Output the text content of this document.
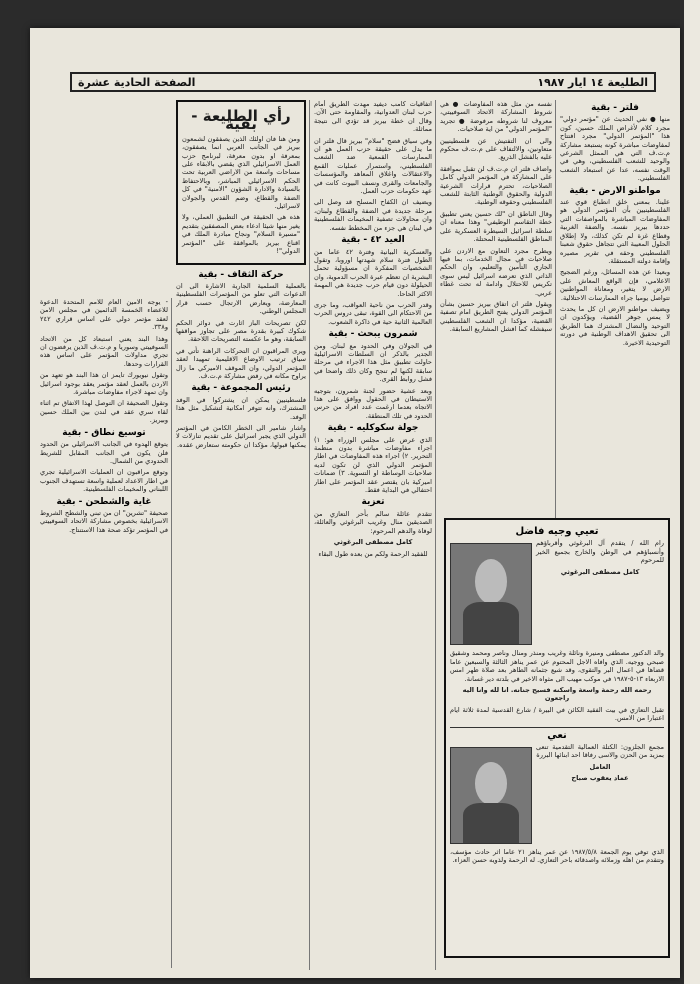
الطليعة ١٤ ايار ١٩٨٧
الصفحة الحادية عشرة
فلتر - بقية

منها ● نفي الحديث عن "مؤتمر دولي" مجرد كلام لأغراض الملك حسين، كون هذا "المؤتمر الدولي" مجرد افتتاح لمفاوضات مباشرة كونه يستبعد مشاركة م.ت.ف التي هي الممثل الشرعي والوحيد للشعب الفلسطيني، وهي في الوقت نفسه، عدا عن استبعاد الشعب الفلسطيني.

مواطنو الارض - بقية

علينا. بمعنى خلق انطباع قوي عند الفلسطينيين بأن المؤتمر الدولي هو المفاوضات المباشرة بالمواصفات التي حددها بيريز نفسه. والضفة الغربية وقطاع غزة لم تكن كذلك، ولا إطلاق الحلول المعيبة التي تتجاهل حقوق شعبنا الفلسطيني وحقه في تقرير مصيره وإقامة دولته المستقلة.

وبعيدا عن هذه المسائل، ورغم الضجيج الاعلامي، فإن الواقع المعاش على الارض لا يتغير، ومعاناة المواطنين تتواصل يوميا جراء الممارسات الاحتلالية.

ويضيف مواطنو الارض ان كل ما يحدث لا يمس جوهر القضية، ويؤكدون ان التوحيد والنضال المشترك هما الطريق الى تحقيق الاهداف الوطنية في دورته التوحيدية الاخيرة.

نفسه من مثل هذه المفاوضات ● هي شروط المشاركة الاتحاد السوفييتي، معروف لنا شروطه مرفوضة ● تجريد "المؤتمر الدولي" من اية صلاحيات.

والى ان التفتيش عن فلسطينيين متعاونين، والالتفاف على م.ت.ف محكوم عليه بالفشل الذريع.

واضاف فلتر ان م.ت.ف لن تقبل بموافقة على المشاركة في المؤتمر الدولي كامل الصلاحيات، تحترم قرارات الشرعية الدولية والحقوق الوطنية الثابتة للشعب الفلسطيني وحقوقه الوطنية.

وقال الناطق ان "لك حسين يعني تطبيق خطة التقاسم الوظيفي" وهذا معناه ان سلطة اسرائيل السيطرة العسكرية على المناطق الفلسطينية المحتلة.

ويطرح مجرد التعاون مع الاردن على صلاحيات في مجال الخدمات، بما فيها الجاري التأمين والتعليم، وان الحكم الذاتي الذي تعرضه اسرائيل ليس سوى تكريس للاحتلال وادامة له تحت غطاء عربي.

ويقول فلتر ان اتفاق بيريز حسين بشأن المؤتمر الدولي يفتح الطريق امام تصفية القضية، مؤكدا ان الشعب الفلسطيني سيفشله كما افشل المشاريع السابقة.

اتفاقيات كامب ديفيد مهدت الطريق أمام حرب لبنان العدوانية، والمقاومة حتى الآن. وقال ان خطة بيريز قد تؤدي الى نتيجة مماثلة.

وفي سياق فضح "سلام" بيريز قال فلتر ان ما يدل على حقيقة حزب العمل هو ان الممارسات القمعية ضد الشعب الفلسطيني، واستمرار عمليات القمع والاعتقالات واغلاق المعاهد والمؤسسات والجامعات والقرى ونسف البيوت كانت في عهد حكومات حزب العمل.

ويضيف ان الكفاح المسلح قد وصل الى مرحلة جديدة في الضفة والقطاع ولبنان، وان محاولات تصفية المخيمات الفلسطينية في لبنان هي جزء من المخطط نفسه.

العيد ٤٢ - بقية

والعسكرية البيانية وفترة ٤٢ عاما من الطول فترة سلام شهدتها اوروبا، وتقول الشخصيات المفكرة ان مسؤولية تحمل البشرية ان تعظم عبرة الحرب الدموية، وان الحيلولة دون قيام حرب جديدة هي المهمة الاكثر الحاحا.

وقدر الحرب من ناحية العواقب، وما جرى من الاحتكام الى القوة، تبقى دروس الحرب العالمية الثانية حية في ذاكرة الشعوب.

شمرون يبحث - بقية

في الجولان وفي الحدود مع لبنان. ومن الجدير بالذكر ان السلطات الاسرائيلية حاولت تطبيق مثل هذا الاجراء في مرحلة سابقة لكنها لم تنجح وكان ذلك واضحا في فشل روابط القرى.

وبعد عشية حضور لجنة شمرون، بتوجيه الاستيطان في الحقول ووافق على هذا الاتجاه بعدما ارغمت عدد افراد من حرس الحدود في تلك المنطقة.

جولة سكوكليه - بقية

الذي عرض على مجلس الوزراء هو: ١) اجراء مفاوضات مباشرة بدون منظمة التحرير. ٢) اجراء هذه المفاوضات في اطار المؤتمر الدولي الذي لن تكون لديه صلاحيات الوساطة او التسوية. ٣) ضمانات اميركية بان يقتصر عقد المؤتمر على اطار احتفالي في البداية فقط.

تعزية

تتقدم عائلة سالم بأحر التعازي من الصديقين منال وغريب البرغوثي والعائلة، لوفاة والدهم المرحوم:

كامل مصطفى البرغوثي

للفقيد الرحمة ولكم من بعده طول البقاء

رأي الطليعة - بقية

ومن هنا فان اولئك الذين يصفقون لشمعون بيريز في الجانب العربي انما يصفقون، بمعرفة او بدون معرفة، لبرنامج حزب العمل الاسرائيلي الذي يقضي بالابقاء على مساحات واسعة من الاراضي العربية تحت الحكم الاسرائيلي المباشر، وبالاحتفاظ بالسيادة والادارة الشؤون "الامنية" في كل الضفة والقطاع، وضم القدس والجولان لاسرائيل.

هذه هي الحقيقة في التطبيق العملي، ولا يغير منها شيئا ادعاء بعض المصفقين بتقديم "مسيرة السلام" ونجاح مبادرة الملك في اقناع بيريز بالموافقة على "المؤتمر الدولي"!

حركة الثقاف - بقية

بالعملية السلمية الجارية الاشارة الى ان الدعوات التي تعلو من المؤتمرات الفلسطينية المعارضة، ويعارض الارتجال حسب قرار المجلس الوطني.

لكن تصريحات الباز اثارت في دوائر الحكم شكوك كبيرة بقدرة مصر على تجاوز مواقفها السابقة، وهو ما عكسته التصريحات اللاحقة.

ويرى المراقبون ان التحركات الراهنة تأتي في سياق ترتيب الاوضاع الاقليمية تمهيدا لعقد المؤتمر الدولي، وان الموقف الاميركي ما زال يراوح مكانه في رفض مشاركة م.ت.ف.

رئيس المجموعة - بقية

فلسطينيين يمكن ان يشتركوا في الوفد المشترك، وانه تتوفر امكانية لتشكيل مثل هذا الوفد.

واشار شامير الى الخطر الكامن في المؤتمر الدولي الذي يجبر اسرائيل على تقديم تنازلات لا يمكنها قبولها، مؤكدا ان حكومته ستعارض عقده.

- يوجه الامين العام للامم المتحدة الدعوة للاعضاء الخمسة الدائمين في مجلس الامن لعقد مؤتمر دولي على اساس قراري ٢٤٢ و٣٣٨.

وهذا البند يعني استبعاد كل من الاتحاد السوفييتي وسوريا و م.ت.ف الذين يرفضون ان تجري مداولات المؤتمر على اساس هذه القرارات وحدها.

وتقول نيويورك تايمز ان هذا البند هو تعهد من الاردن بالعمل لعقد مؤتمر يعقد بوجود اسرائيل وان تمهد لاجراء مفاوضات مباشرة.

وتقول الصحيفة ان التوصل لهذا الاتفاق تم اثناء لقاء سري عقد في لندن بين الملك حسين وبيريز.

توسيع نطاق - بقية

يتوقع الهدوء في الجانب الاسرائيلي من الحدود فلن يكون في الجانب المقابل للشريط الحدودي من الشمال.

وتوقع مراقبون ان العمليات الاسرائيلية تجري في اطار الاعداد لعملية واسعة تستهدف الجنوب اللبناني والمخيمات الفلسطينية.

غاية والشطحن - بقية

صحيفة "تشرين" ان من تبني والشطح الشروط الاسرائيلية بخصوص مشاركة الاتحاد السوفييتي في المؤتمر تؤكد صحة هذا الاستنتاج.	تعيي وجيه فاضل

رام الله / يتقدم آل البرغوثي وأقرباؤهم وأنسباؤهم في الوطن والخارج بجميع الخير للمرحوم

كامل مصطفى البرغوثي

والد الدكتور مصطفى ومنيرة ونائلة وغريب ومنذر ومنال وناصر ومحمد وشقيق صبحي ووجيه. الذي وافاه الاجل المحتوم عن عمر يناهز الثالثة والسبعين عاما قضاها في اعمال البر والتقوى، وقد شيع جثمانه الطاهر بعد صلاة ظهر امس الاربعاء ١٣-٥-١٩٨٧ في موكب مهيب الى مثواه الاخير في بلدته دير غسانة.

رحمه الله رحمة واسعة واسكنه فسيح جنانه. انا لله وانا اليه راجعون

تقبل التعازي في بيت الفقيد الكائن في البيرة / شارع القدسية لمدة ثلاثة ايام اعتبارا من الامس.

نعي

مجمع الجلزون: الكتلة العمالية التقدمية تنعى بمزيد من الحزن والاسى رفاقا احد ابنائها البررة

العامل

عماد يعقوب صباح

الذي توفي يوم الجمعة ١٩٨٧/٥/٨ عن عمر يناهز ٢١ عاما اثر حادث مؤسف، وتتقدم من اهله وزملائه واصدقائه باحر التعازي. له الرحمة ولذويه حسن العزاء.
